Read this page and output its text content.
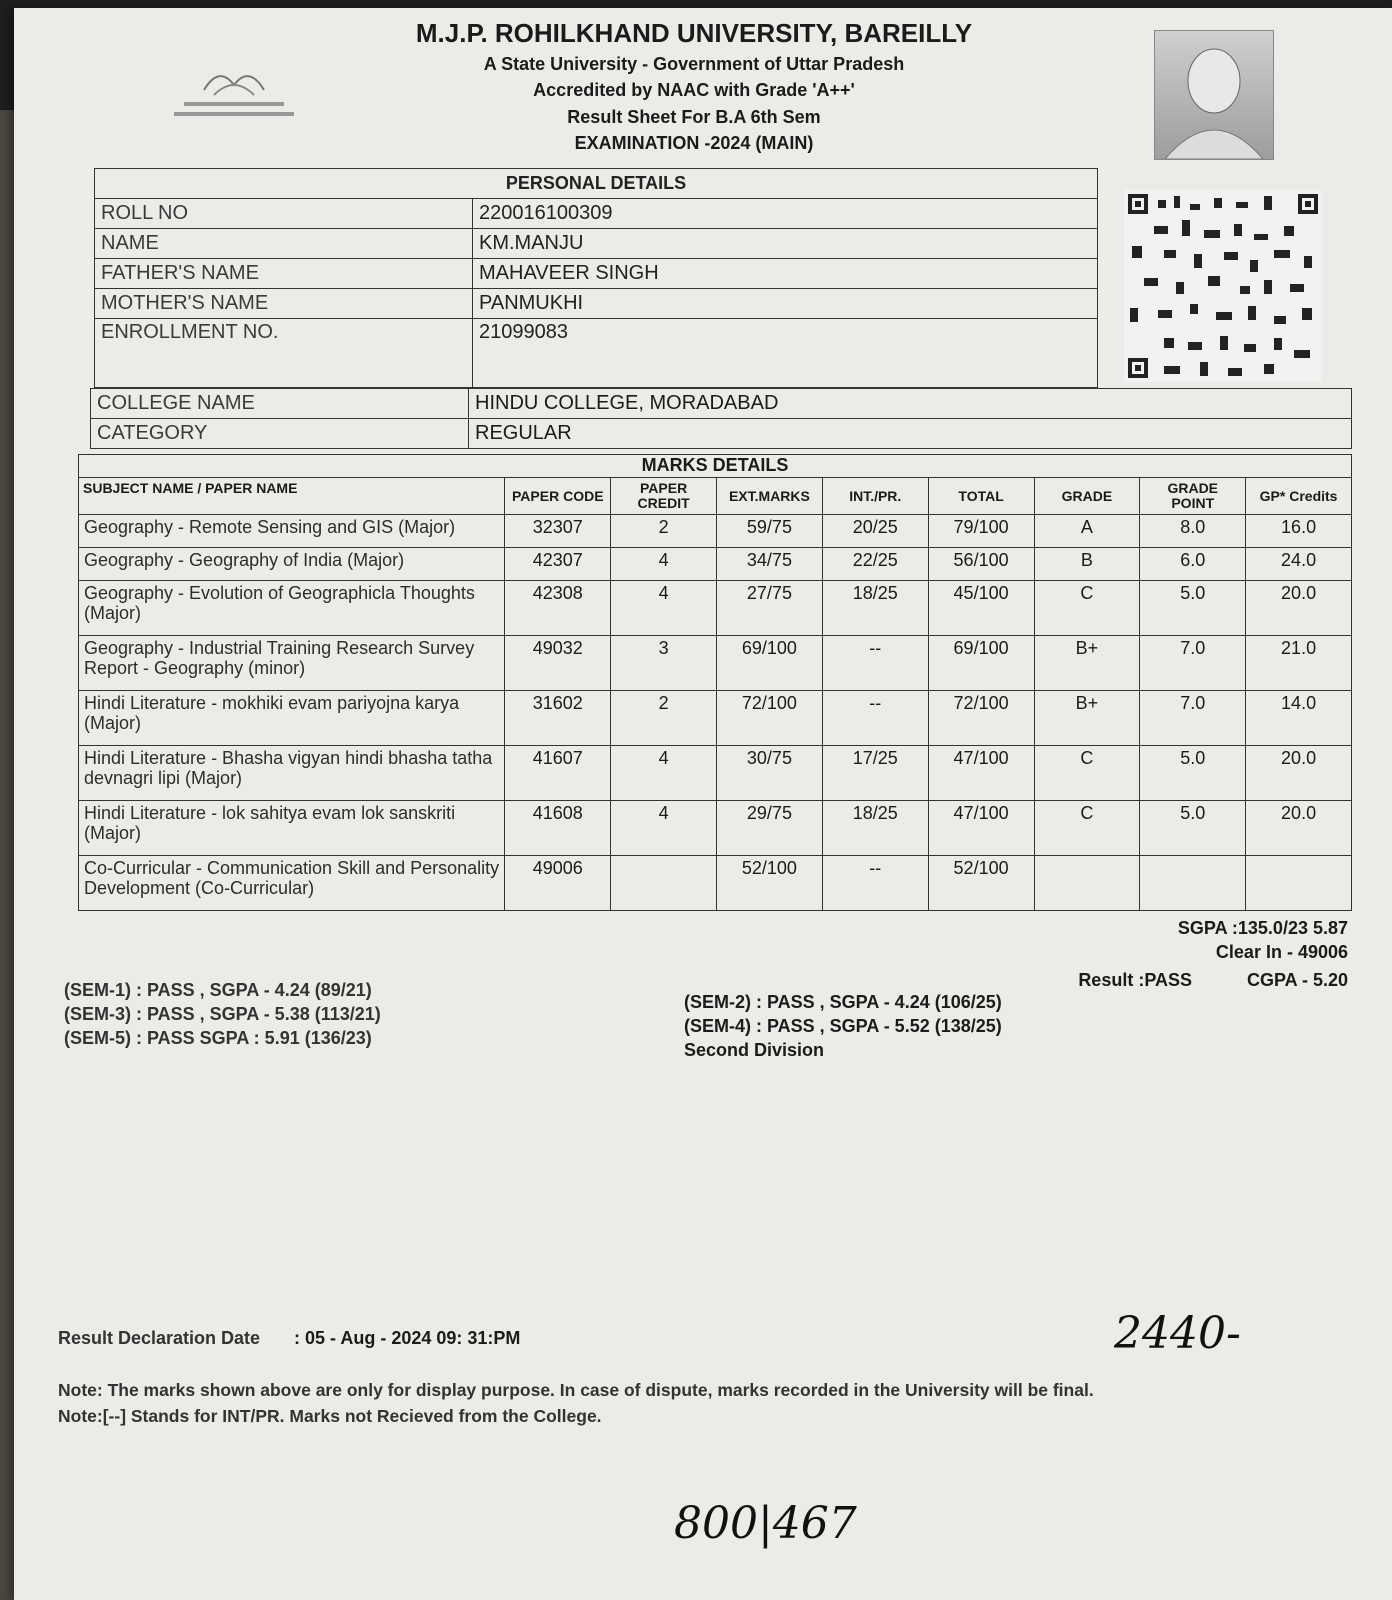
M.J.P. ROHILKHAND UNIVERSITY, BAREILLY
A State University - Government of Uttar Pradesh
Accredited by NAAC with Grade 'A++'
Result Sheet For B.A 6th Sem
EXAMINATION -2024 (MAIN)
PERSONAL DETAILS	
ROLL NO	220016100309
NAME	KM.MANJU
FATHER'S NAME	MAHAVEER SINGH
MOTHER'S NAME	PANMUKHI
ENROLLMENT NO.	21099083
COLLEGE NAME	HINDU COLLEGE, MORADABAD
CATEGORY	REGULAR
MARKS DETAILS								
SUBJECT NAME / PAPER NAME	PAPER CODE	PAPER CREDIT	EXT.MARKS	INT./PR.	TOTAL	GRADE	GRADE POINT	GP* Credits
Geography - Remote Sensing and GIS (Major)	32307	2	59/75	20/25	79/100	A	8.0	16.0
Geography - Geography of India (Major)	42307	4	34/75	22/25	56/100	B	6.0	24.0
Geography - Evolution of Geographicla Thoughts (Major)	42308	4	27/75	18/25	45/100	C	5.0	20.0
Geography - Industrial Training Research Survey Report - Geography (minor)	49032	3	69/100	--	69/100	B+	7.0	21.0
Hindi Literature - mokhiki evam pariyojna karya (Major)	31602	2	72/100	--	72/100	B+	7.0	14.0
Hindi Literature - Bhasha vigyan hindi bhasha tatha devnagri lipi (Major)	41607	4	30/75	17/25	47/100	C	5.0	20.0
Hindi Literature - lok sahitya evam lok sanskriti (Major)	41608	4	29/75	18/25	47/100	C	5.0	20.0
Co-Curricular - Communication Skill and Personality Development (Co-Curricular)	49006		52/100	--	52/100			
SGPA :135.0/23 5.87
Clear In - 49006
Result :PASS	CGPA - 5.20
(SEM-1) : PASS , SGPA - 4.24 (89/21)
(SEM-3) : PASS , SGPA - 5.38 (113/21)
(SEM-5) : PASS SGPA : 5.91 (136/23)
(SEM-2) : PASS , SGPA - 4.24 (106/25)
(SEM-4) : PASS , SGPA - 5.52 (138/25)
Second Division
Result Declaration Date : 05 - Aug - 2024 09: 31:PM
Note: The marks shown above are only for display purpose. In case of dispute, marks recorded in the University will be final.
Note:[--] Stands for INT/PR. Marks not Recieved from the College.
2440-
800|467
